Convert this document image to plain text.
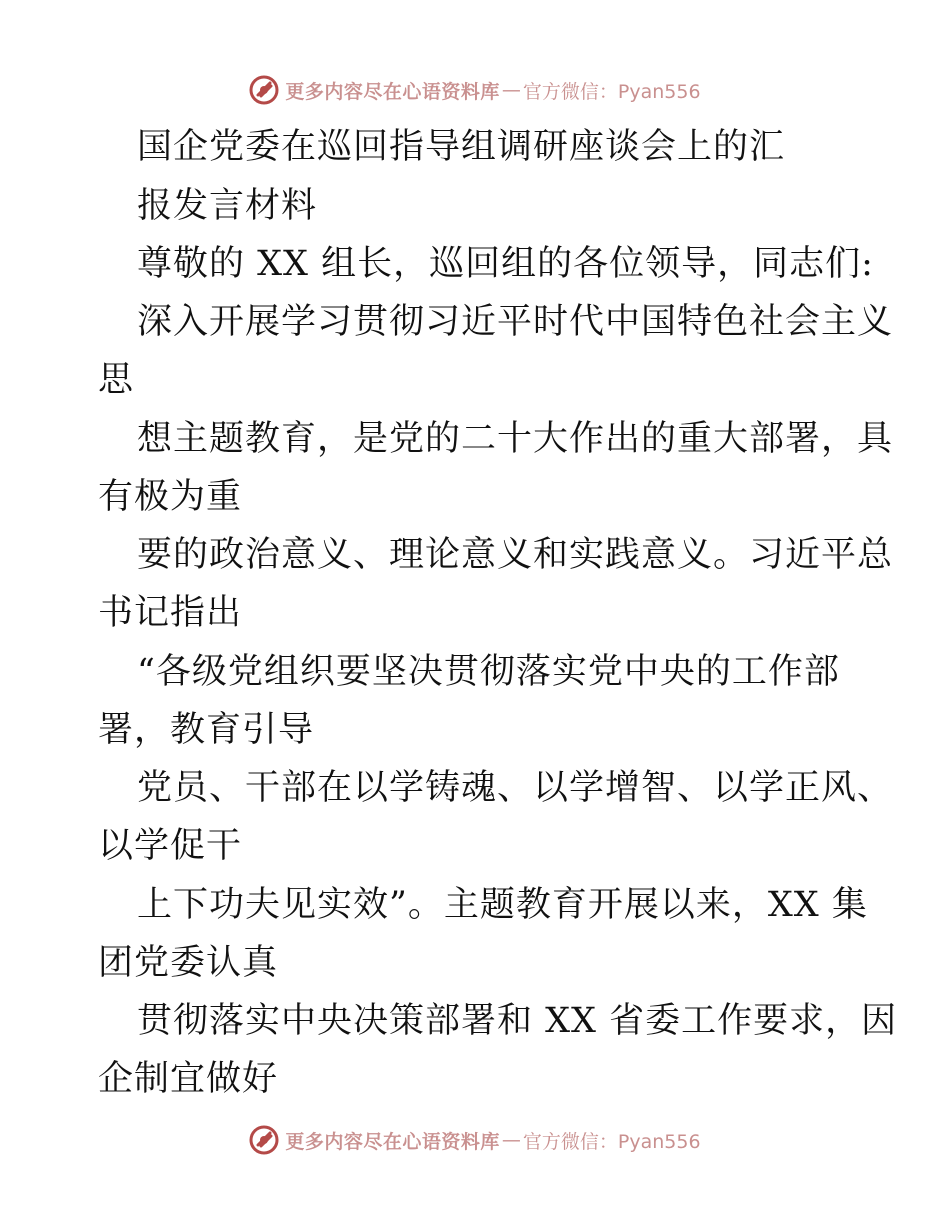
更多内容尽在心语资料库 — 官方微信：Pyan556
国企党委在巡回指导组调研座谈会上的汇
报发言材料
尊敬的 XX 组长，巡回组的各位领导，同志们:
深入开展学习贯彻习近平时代中国特色社会主义
思
想主题教育，是党的二十大作出的重大部署，具
有极为重
要的政治意义、理论意义和实践意义。习近平总
书记指出
“各级党组织要坚决贯彻落实党中央的工作部
署，教育引导
党员、干部在以学铸魂、以学增智、以学正风、
以学促干
上下功夫见实效”。主题教育开展以来，XX 集
团党委认真
贯彻落实中央决策部署和 XX 省委工作要求，因
企制宜做好
更多内容尽在心语资料库 — 官方微信：Pyan556
